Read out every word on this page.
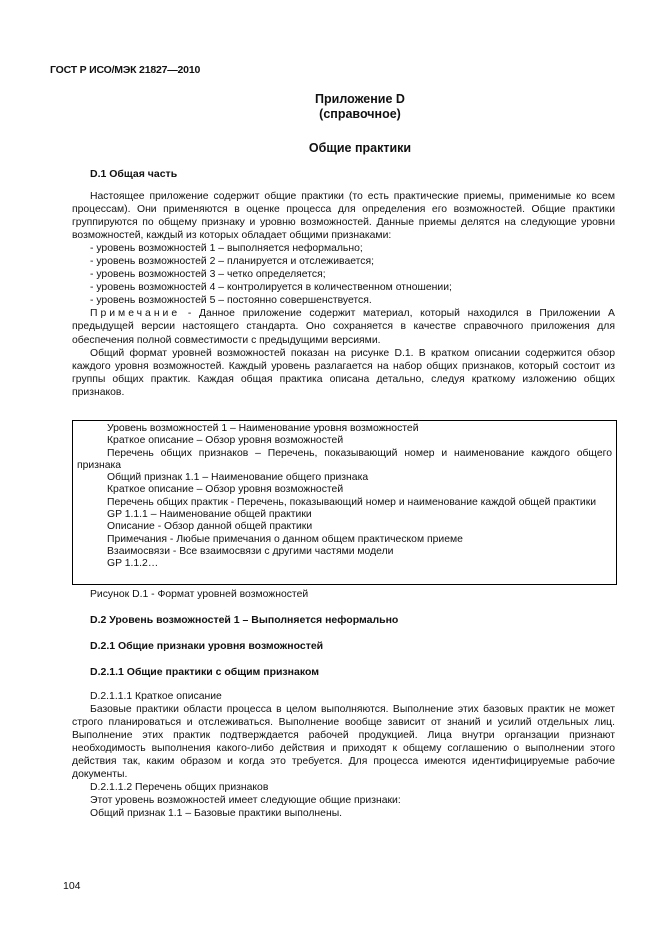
ГОСТ Р ИСО/МЭК 21827—2010
Приложение D
(справочное)
Общие практики
D.1 Общая часть

Настоящее приложение содержит общие практики (то есть практические приемы, применимые ко всем процессам). Они применяются в оценке процесса для определения его возможностей. Общие практики группируются по общему признаку и уровню возможностей. Данные приемы делятся на следующие уровни возможностей, каждый из которых обладает общими признаками:

- уровень возможностей 1 – выполняется неформально;

- уровень возможностей 2 – планируется и отслеживается;

- уровень возможностей 3 – четко определяется;

- уровень возможностей 4 – контролируется в количественном отношении;

- уровень возможностей 5 – постоянно совершенствуется.

Примечание - Данное приложение содержит материал, который находился в Приложении А предыдущей версии настоящего стандарта. Оно сохраняется в качестве справочного приложения для обеспечения полной совместимости с предыдущими версиями.

Общий формат уровней возможностей показан на рисунке D.1. В кратком описании содержится обзор каждого уровня возможностей. Каждый уровень разлагается на набор общих признаков, который состоит из группы общих практик. Каждая общая практика описана детально, следуя краткому изложению общих признаков.

Уровень возможностей 1 – Наименование уровня возможностей

Краткое описание – Обзор уровня возможностей

Перечень общих признаков – Перечень, показывающий номер и наименование каждого общего признака

Общий признак 1.1 – Наименование общего признака

Краткое описание – Обзор уровня возможностей

Перечень общих практик - Перечень, показывающий номер и наименование каждой общей практики

GP 1.1.1 – Наименование общей практики

Описание - Обзор данной общей практики

Примечания - Любые примечания о данном общем практическом приеме

Взаимосвязи - Все взаимосвязи с другими частями модели

GP 1.1.2…

Рисунок D.1 - Формат уровней возможностей
D.2 Уровень возможностей 1 – Выполняется неформально
D.2.1 Общие признаки уровня возможностей
D.2.1.1 Общие практики с общим признаком

D.2.1.1.1 Краткое описание

Базовые практики области процесса в целом выполняются. Выполнение этих базовых практик не может строго планироваться и отслеживаться. Выполнение вообще зависит от знаний и усилий отдельных лиц. Выполнение этих практик подтверждается рабочей продукцией. Лица внутри органзации признают необходимость выполнения какого-либо действия и приходят к общему соглашению о выполнении этого действия так, каким образом и когда это требуется. Для процесса имеются идентифицируемые рабочие документы.

D.2.1.1.2 Перечень общих признаков

Этот уровень возможностей имеет следующие общие признаки:

Общий признак 1.1 – Базовые практики выполнены.

104
